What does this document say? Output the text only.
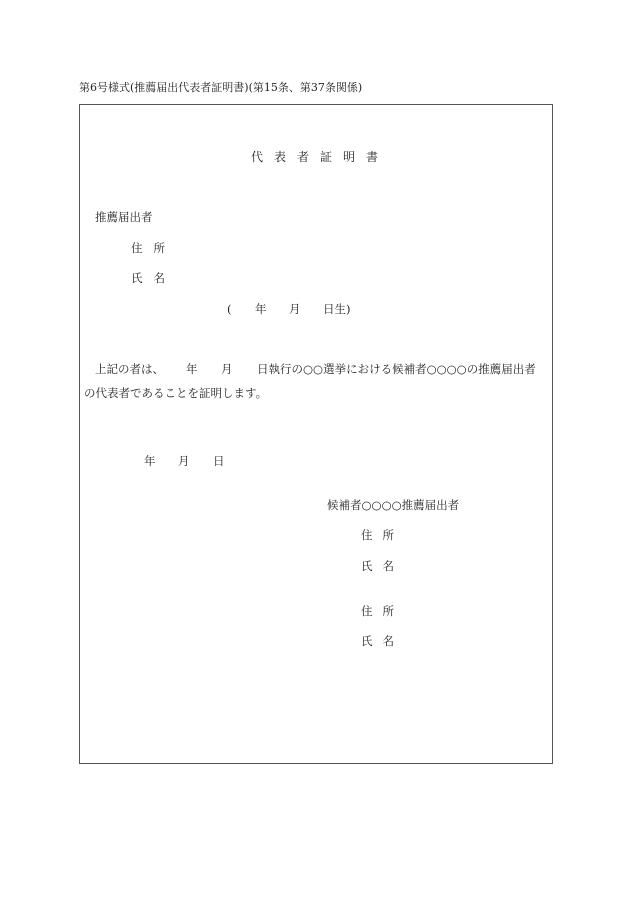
第6号様式(推薦届出代表者証明書)(第15条、第37条関係)
代表者証明書
推薦届出者
住所
氏名
( 年 月 日生)
上記の者は、 年 月 日執行の○○選挙における候補者○○○○の推薦届出者
の代表者であることを証明します。
年 月 日
候補者○○○○推薦届出者
住所
氏名
住所
氏名
